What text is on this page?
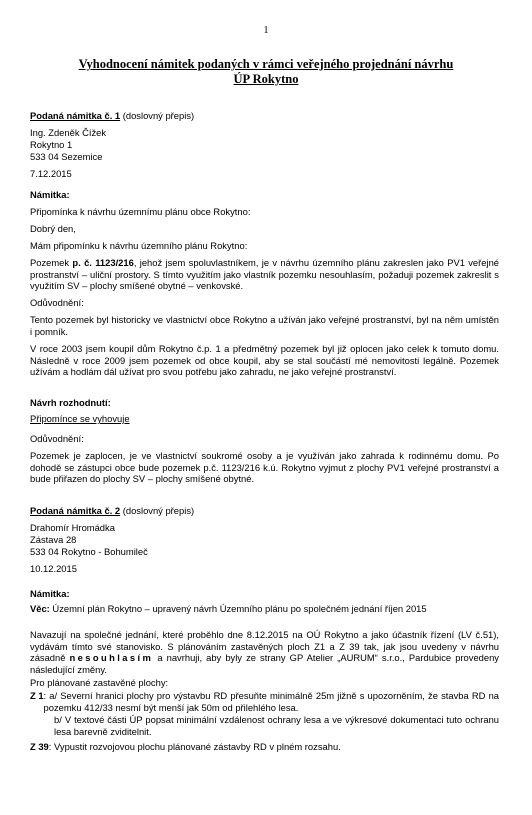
1
Vyhodnocení námitek podaných v rámci veřejného projednání návrhu
ÚP Rokytno
Podaná námitka č. 1 (doslovný přepis)
Ing. Zdeněk Čížek
Rokytno 1
533 04 Sezemice
7.12.2015
Námitka:
Připomínka k návrhu územnímu plánu obce Rokytno:
Dobrý den,
Mám připomínku k návrhu územního plánu Rokytno:
Pozemek p. č. 1123/216, jehož jsem spoluvlastníkem, je v návrhu územního plánu zakreslen jako PV1 veřejné prostranství – uliční prostory. S tímto využitím jako vlastník pozemku nesouhlasím, požaduji pozemek zakreslit s využitím SV – plochy smíšené obytné – venkovské.
Odůvodnění:
Tento pozemek byl historicky ve vlastnictví obce Rokytno a užíván jako veřejné prostranství, byl na něm umístěn i pomník.
V roce 2003 jsem koupil dům Rokytno č.p. 1 a předmětný pozemek byl již oplocen jako celek k tomuto domu. Následně v roce 2009 jsem pozemek od obce koupil, aby se stal součástí mé nemovitosti legálně. Pozemek užívám a hodlám dál užívat pro svou potřebu jako zahradu, ne jako veřejné prostranství.
Návrh rozhodnutí:
Připomínce se vyhovuje
Odůvodnění:
Pozemek je zaplocen, je ve vlastnictví soukromé osoby a je využíván jako zahrada k rodinnému domu. Po dohodě se zástupci obce bude pozemek p.č. 1123/216 k.ú. Rokytno vyjmut z plochy PV1 veřejné prostranství a bude přiřazen do plochy SV – plochy smíšené obytné.
Podaná námitka č. 2 (doslovný přepis)
Drahomír Hromádka
Zástava 28
533 04 Rokytno - Bohumileč
10.12.2015
Námitka:
Věc: Územní plán Rokytno – upravený návrh Územního plánu po společném jednání říjen 2015
Navazují na společné jednání, které proběhlo dne 8.12.2015 na OÚ Rokytno a jako účastník řízení (LV č.51), vydávám tímto své stanovisko. S plánováním zastavěných ploch Z1 a Z 39 tak, jak jsou uvedeny v návrhu zásadně nesouhlasím a navrhuji, aby byly ze strany GP Atelier „AURUM“ s.r.o., Pardubice provedeny následující změny.
Pro plánované zastavěné plochy:
Z 1 : a/ Severní hranici plochy pro výstavbu RD přesuňte minimálně 25m jižně s upozorněním, že stavba RD na pozemku 412/33 nesmí být menší jak 50m od přilehlého lesa.
b/ V textové části ÚP popsat minimální vzdálenost ochrany lesa a ve výkresové dokumentaci tuto ochranu lesa barevně zviditelnit.
Z 39: Vypustit rozvojovou plochu plánované zástavby RD v plném rozsahu.
